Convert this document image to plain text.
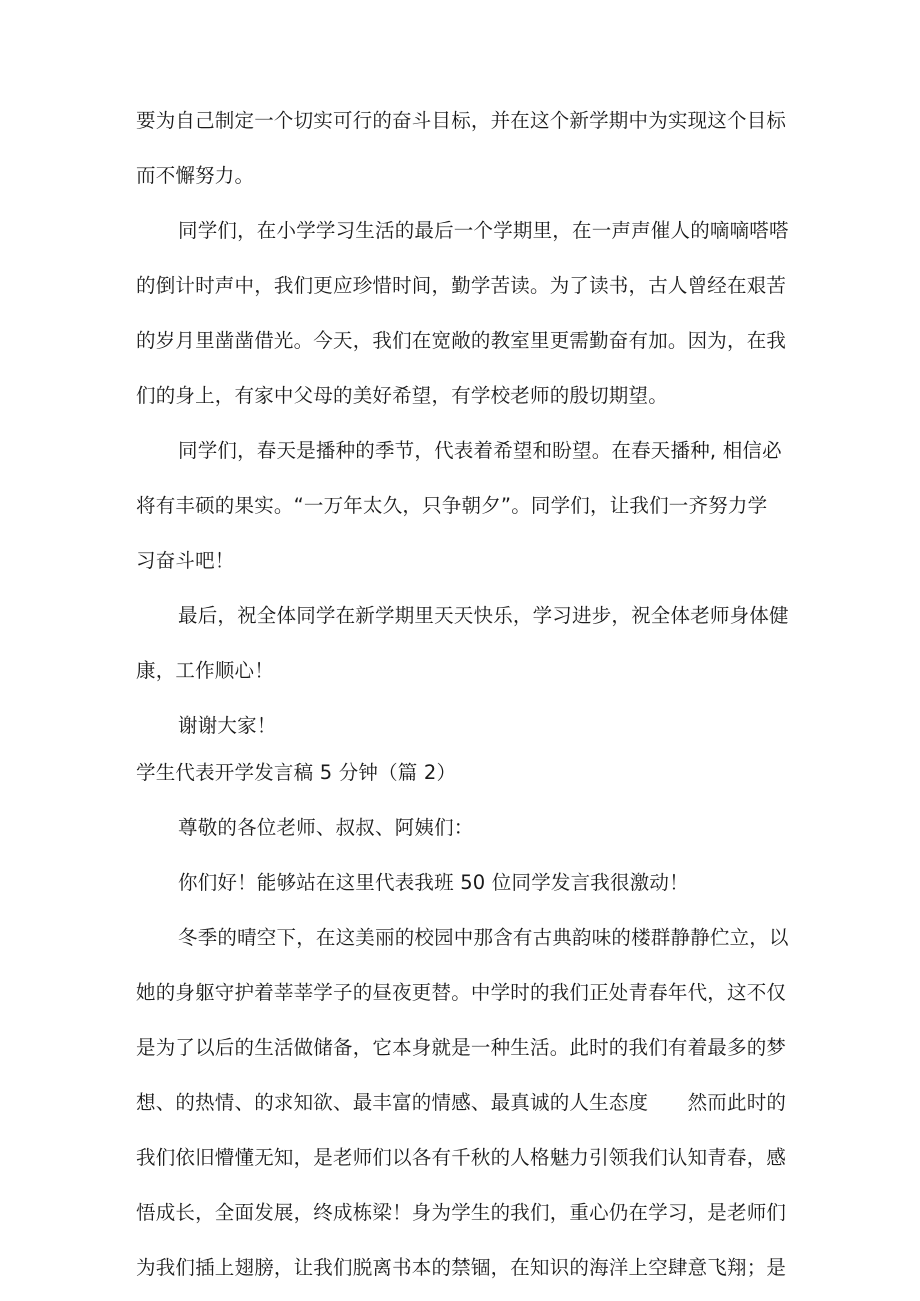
要为自己制定一个切实可行的奋斗目标，并在这个新学期中为实现这个目标
而不懈努力。
同学们，在小学学习生活的最后一个学期里，在一声声催人的嘀嘀嗒嗒
的倒计时声中，我们更应珍惜时间，勤学苦读。为了读书，古人曾经在艰苦
的岁月里凿凿借光。今天，我们在宽敞的教室里更需勤奋有加。因为，在我
们的身上，有家中父母的美好希望，有学校老师的殷切期望。
同学们，春天是播种的季节，代表着希望和盼望。在春天播种, 相信必
将有丰硕的果实。“一万年太久，只争朝夕”。同学们，让我们一齐努力学
习奋斗吧！
最后，祝全体同学在新学期里天天快乐，学习进步，祝全体老师身体健
康，工作顺心！
谢谢大家！
学生代表开学发言稿 5 分钟（篇 2）
尊敬的各位老师、叔叔、阿姨们：
你们好！能够站在这里代表我班 50 位同学发言我很激动！
冬季的晴空下，在这美丽的校园中那含有古典韵味的楼群静静伫立，以
她的身躯守护着莘莘学子的昼夜更替。中学时的我们正处青春年代，这不仅
是为了以后的生活做储备，它本身就是一种生活。此时的我们有着最多的梦
想、的热情、的求知欲、最丰富的情感、最真诚的人生态度　　然而此时的
我们依旧懵懂无知，是老师们以各有千秋的人格魅力引领我们认知青春，感
悟成长，全面发展，终成栋梁！身为学生的我们，重心仍在学习，是老师们
为我们插上翅膀，让我们脱离书本的禁锢，在知识的海洋上空肆意飞翔；是
